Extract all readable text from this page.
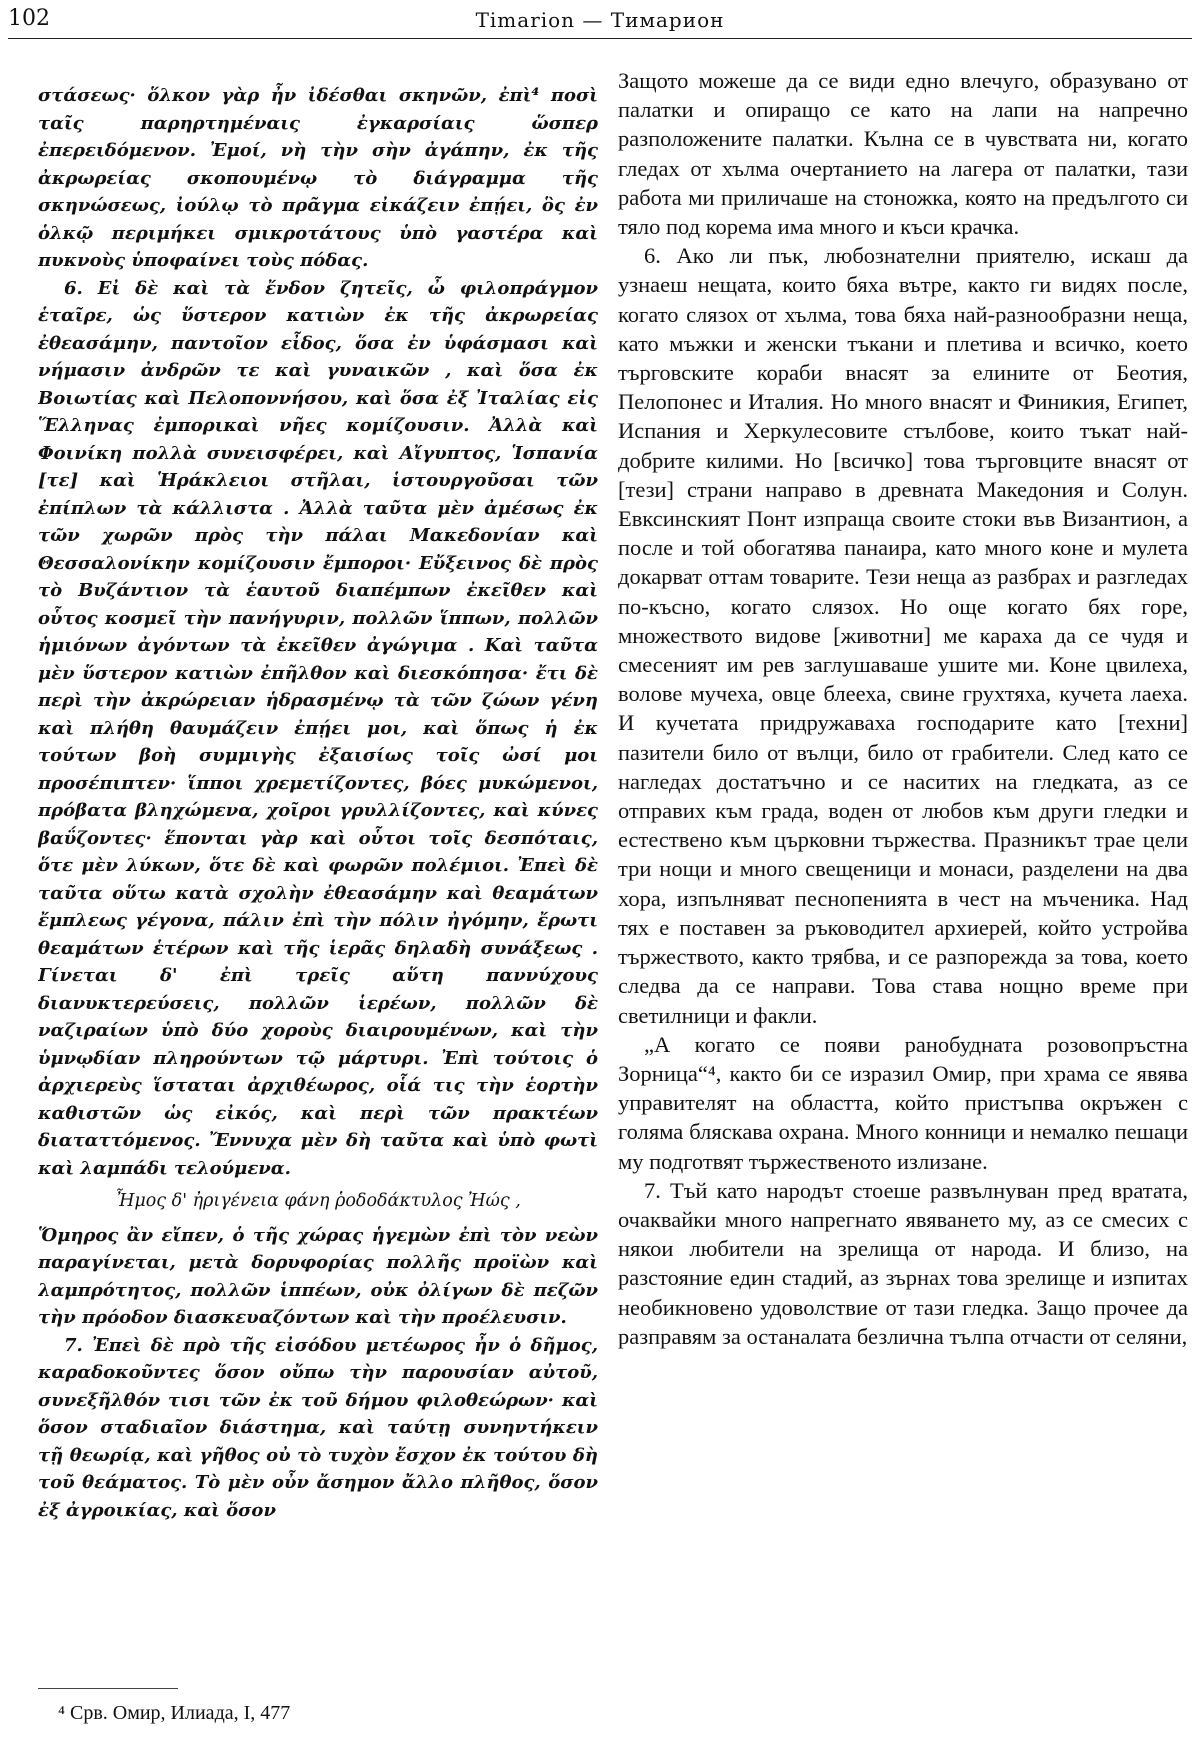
102	Timarion — Тимарион

στάσεως· ὅλκον γὰρ ἦν ἰδέσθαι σκηνῶν, ἐπὶ⁴ ποσὶ ταῖς παρηρτημέναις ἐγκαρσίαις ὥσπερ ἐπερειδόμενον. Ἐμοί, νὴ τὴν σὴν ἀγάπην, ἐκ τῆς ἀκρωρείας σκοπουμένῳ τὸ διάγραμμα τῆς σκηνώσεως, ἰούλῳ τὸ πρᾶγμα εἰκάζειν ἐπῄει, ὃς ἐν ὁλκῷ περιμήκει σμικροτάτους ὑπὸ γαστέρα καὶ πυκνοὺς ὑποφαίνει τοὺς πόδας.

6. Εἰ δὲ καὶ τὰ ἔνδον ζητεῖς, ὦ φιλοπράγμον ἑταῖρε, ὡς ὕστερον κατιὼν ἐκ τῆς ἀκρωρείας ἐθεασάμην, παντοῖον εἶδος, ὅσα ἐν ὑφάσμασι καὶ νήμασιν ἀνδρῶν τε καὶ γυναικῶν , καὶ ὅσα ἐκ Βοιωτίας καὶ Πελοποννήσου, καὶ ὅσα ἐξ Ἰταλίας εἰς Ἕλληνας ἐμπορικαὶ νῆες κομίζουσιν. Ἀλλὰ καὶ Φοινίκη πολλὰ συνεισφέρει, καὶ Αἴγυπτος, Ἱσπανία [τε] καὶ Ἡράκλειοι στῆλαι, ἱστουργοῦσαι τῶν ἐπίπλων τὰ κάλλιστα . Ἀλλὰ ταῦτα μὲν ἀμέσως ἐκ τῶν χωρῶν πρὸς τὴν πάλαι Μακεδονίαν καὶ Θεσσαλονίκην κομίζουσιν ἔμποροι· Εὔξεινος δὲ πρὸς τὸ Βυζάντιον τὰ ἑαυτοῦ διαπέμπων ἐκεῖθεν καὶ οὗτος κοσμεῖ τὴν πανήγυριν, πολλῶν ἵππων, πολλῶν ἡμιόνων ἀγόντων τὰ ἐκεῖθεν ἀγώγιμα . Καὶ ταῦτα μὲν ὕστερον κατιὼν ἐπῆλθον καὶ διεσκόπησα· ἔτι δὲ περὶ τὴν ἀκρώρειαν ἡδρασμένῳ τὰ τῶν ζώων γένη καὶ πλήθη θαυμάζειν ἐπῄει μοι, καὶ ὅπως ἡ ἐκ τούτων βοὴ συμμιγὴς ἐξαισίως τοῖς ὠσί μοι προσέπιπτεν· ἵπποι χρεμετίζοντες, βόες μυκώμενοι, πρόβατα βληχώμενα, χοῖροι γρυλλίζοντες, καὶ κύνες βαΰζοντες· ἕπονται γὰρ καὶ οὗτοι τοῖς δεσπόταις, ὅτε μὲν λύκων, ὅτε δὲ καὶ φωρῶν πολέμιοι. Ἐπεὶ δὲ ταῦτα οὕτω κατὰ σχολὴν ἐθεασάμην καὶ θεαμάτων ἔμπλεως γέγονα, πάλιν ἐπὶ τὴν πόλιν ἠγόμην, ἔρωτι θεαμάτων ἑτέρων καὶ τῆς ἱερᾶς δηλαδὴ συνάξεως . Γίνεται δ' ἐπὶ τρεῖς αὕτη παννύχους διανυκτερεύσεις, πολλῶν ἱερέων, πολλῶν δὲ ναζιραίων ὑπὸ δύο χοροὺς διαιρουμένων, καὶ τὴν ὑμνῳδίαν πληρούντων τῷ μάρτυρι. Ἐπὶ τούτοις ὁ ἀρχιερεὺς ἵσταται ἀρχιθέωρος, οἷά τις τὴν ἑορτὴν καθιστῶν ὡς εἰκός, καὶ περὶ τῶν πρακτέων διαταττόμενος. Ἔννυχα μὲν δὴ ταῦτα καὶ ὑπὸ φωτὶ καὶ λαμπάδι τελούμενα.

Ἦμος δ' ἠριγένεια φάνη ῥοδοδάκτυλος Ἠώς ,

Ὅμηρος ἂν εἴπεν, ὁ τῆς χώρας ἡγεμὼν ἐπὶ τὸν νεὼν παραγίνεται, μετὰ δορυφορίας πολλῆς προϊὼν καὶ λαμπρότητος, πολλῶν ἱππέων, οὐκ ὀλίγων δὲ πεζῶν τὴν πρόοδον διασκευαζόντων καὶ τὴν προέλευσιν.

7. Ἐπεὶ δὲ πρὸ τῆς εἰσόδου μετέωρος ἦν ὁ δῆμος, καραδοκοῦντες ὅσον οὔπω τὴν παρουσίαν αὐτοῦ, συνεξῆλθόν τισι τῶν ἐκ τοῦ δήμου φιλοθεώρων· καὶ ὅσον σταδιαῖον διάστημα, καὶ ταύτῃ συνηντήκειν τῇ θεωρίᾳ, καὶ γῆθος οὐ τὸ τυχὸν ἔσχον ἐκ τούτου δὴ τοῦ θεάματος. Τὸ μὲν οὖν ἄσημον ἄλλο πλῆθος, ὅσον ἐξ ἀγροικίας, καὶ ὅσον

Защото можеше да се види едно влечуго, образувано от палатки и опиращо се като на лапи на напречно разположените палатки. Кълна се в чувствата ни, когато гледах от хълма очертанието на лагера от палатки, тази работа ми приличаше на стоножка, която на предългото си тяло под корема има много и къси крачка.

6. Ако ли пък, любознателни приятелю, искаш да узнаеш нещата, които бяха вътре, както ги видях после, когато слязох от хълма, това бяха най-разнообразни неща, като мъжки и женски тъкани и плетива и всичко, което търговските кораби внасят за елините от Беотия, Пелопонес и Италия. Но много внасят и Финикия, Египет, Испания и Херкулесовите стълбове, които тъкат най-добрите килими. Но [всичко] това търговците внасят от [тези] страни направо в древната Македония и Солун. Евксинският Понт изпраща своите стоки във Византион, а после и той обогатява панаира, като много коне и мулета докарват оттам товарите. Тези неща аз разбрах и разгледах по-късно, когато слязох. Но още когато бях горе, множеството видове [животни] ме караха да се чудя и смесеният им рев заглушаваше ушите ми. Коне цвилеха, волове мучеха, овце блееха, свине грухтяха, кучета лаеха. И кучетата придружаваха господарите като [техни] пазители било от вълци, било от грабители. След като се нагледах достатъчно и се наситих на гледката, аз се отправих към града, воден от любов към други гледки и естествено към църковни тържества. Празникът трае цели три нощи и много свещеници и монаси, разделени на два хора, изпълняват песнопенията в чест на мъченика. Над тях е поставен за ръководител архиерей, който устройва тържеството, както трябва, и се разпорежда за това, което следва да се направи. Това става нощно време при светилници и факли.

„А когато се появи ранобудната розовопръстна Зорница“⁴, както би се изразил Омир, при храма се явява управителят на областта, който пристъпва окръжен с голяма бляскава охрана. Много конници и немалко пешаци му подготвят тържественото излизане.

7. Тъй като народът стоеше развълнуван пред вратата, очаквайки много напрегнато явяването му, аз се смесих с някои любители на зрелища от народа. И близо, на разстояние един стадий, аз зърнах това зрелище и изпитах необикновено удоволствие от тази гледка. Защо прочее да разправям за останалата безлична тълпа отчасти от селяни,

⁴ Срв. Омир, Илиада, I, 477
